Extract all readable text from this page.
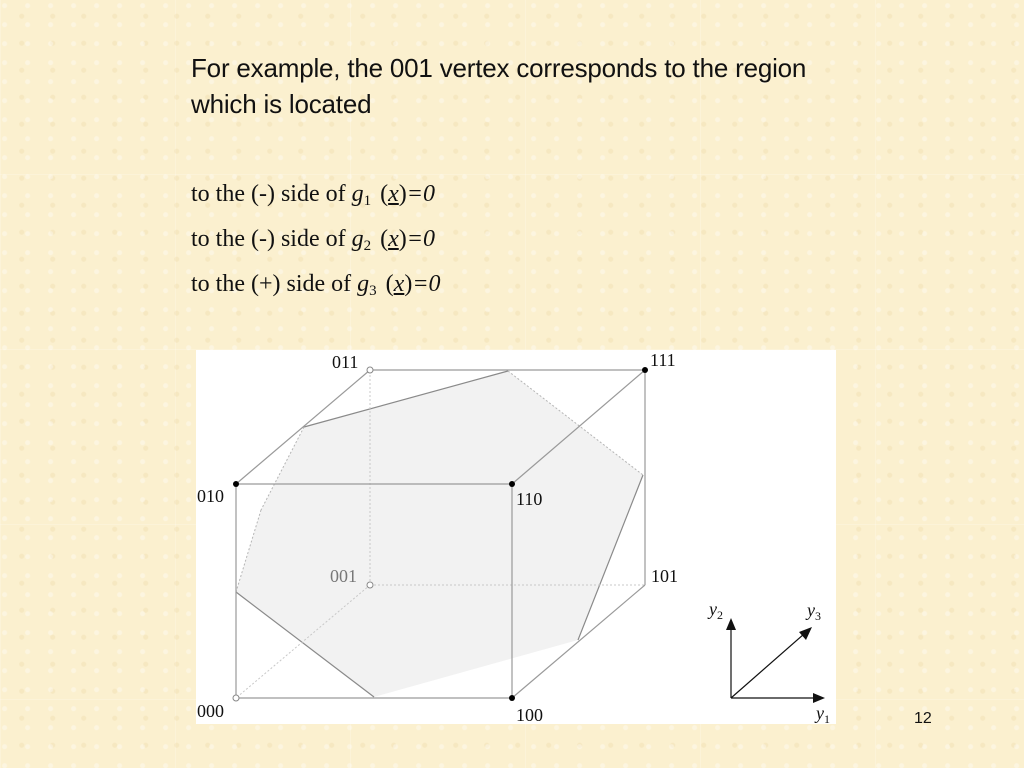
For example, the 001 vertex corresponds to the region which is located
to the (-) side of $g_1$ (x)=0
to the (-) side of $g_2$ (x)=0
to the (+) side of $g_3$ (x)=0
011	111
010	110
001	101
000	100	$y_1$
$y_2$	$y_3$
12
